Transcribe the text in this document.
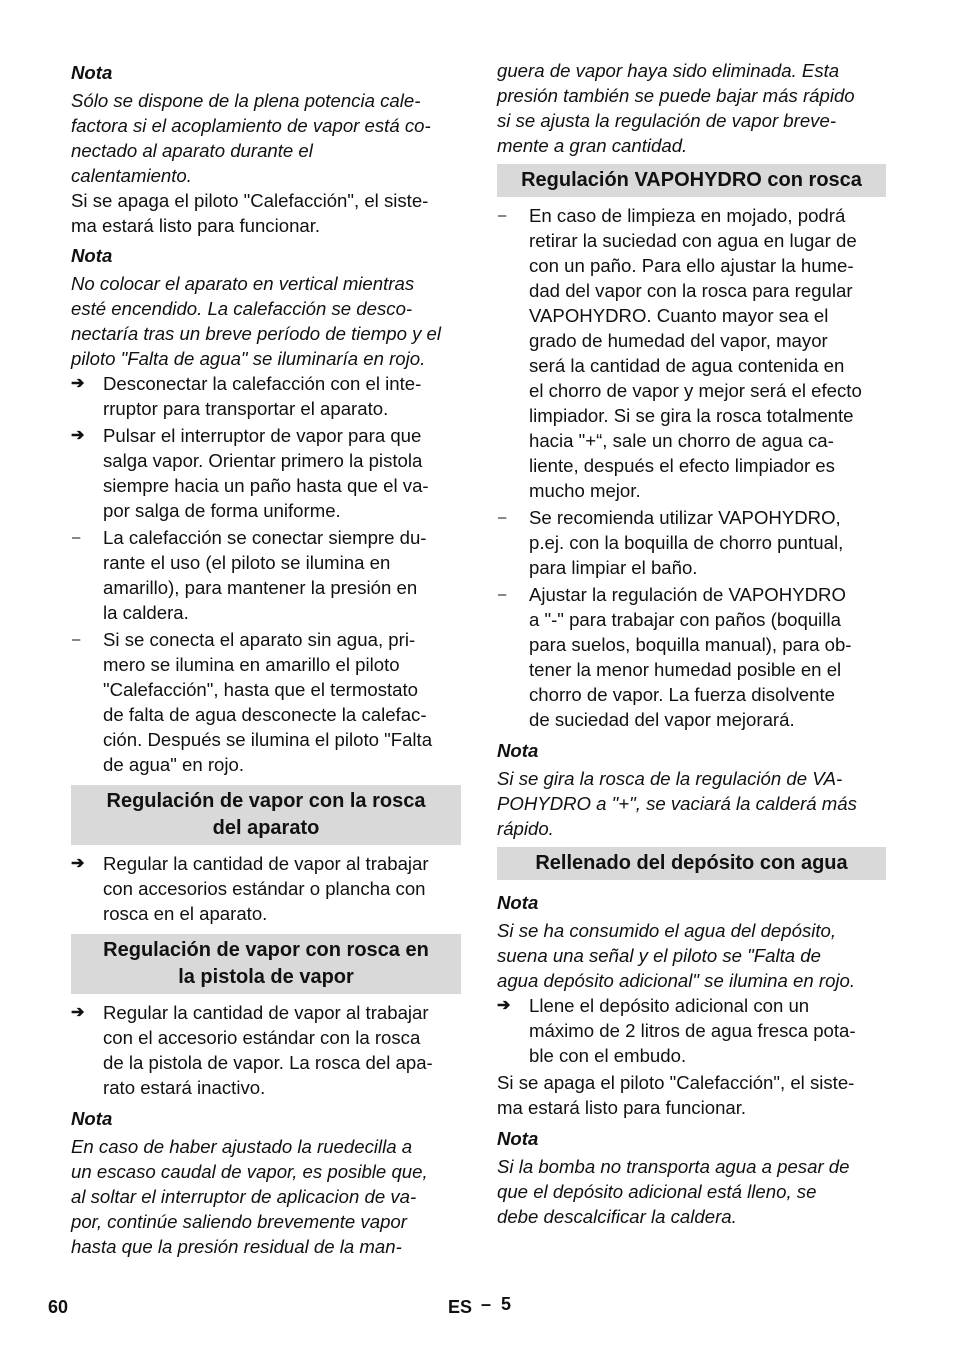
Nota

Sólo se dispone de la plena potencia cale-
factora si el acoplamiento de vapor está co-
nectado al aparato durante el
calentamiento.

Si se apaga el piloto "Calefacción", el siste-
ma estará listo para funcionar.

Nota

No colocar el aparato en vertical mientras
esté encendido. La calefacción se desco-
nectaría tras un breve período de tiempo y el
piloto "Falta de agua" se iluminaría en rojo.

➔ Desconectar la calefacción con el inte-
rruptor para transportar el aparato.

➔ Pulsar el interruptor de vapor para que
salga vapor. Orientar primero la pistola
siempre hacia un paño hasta que el va-
por salga de forma uniforme.

–	La calefacción se conectar siempre du-
rante el uso (el piloto se ilumina en
amarillo), para mantener la presión en
la caldera.

–	Si se conecta el aparato sin agua, pri-
mero se ilumina en amarillo el piloto
"Calefacción", hasta que el termostato
de falta de agua desconecte la calefac-
ción. Después se ilumina el piloto "Falta
de agua" en rojo.

Regulación de vapor con la rosca
del aparato
➔ Regular la cantidad de vapor al trabajar
con accesorios estándar o plancha con
rosca en el aparato.

Regulación de vapor con rosca en
la pistola de vapor
➔ Regular la cantidad de vapor al trabajar
con el accesorio estándar con la rosca
de la pistola de vapor. La rosca del apa-
rato estará inactivo.

Nota

En caso de haber ajustado la ruedecilla a
un escaso caudal de vapor, es posible que,
al soltar el interruptor de aplicacion de va-
por, continúe saliendo brevemente vapor
hasta que la presión residual de la man-

guera de vapor haya sido eliminada. Esta
presión también se puede bajar más rápido
si se ajusta la regulación de vapor breve-
mente a gran cantidad.

Regulación VAPOHYDRO con rosca
–	En caso de limpieza en mojado, podrá
retirar la suciedad con agua en lugar de
con un paño. Para ello ajustar la hume-
dad del vapor con la rosca para regular
VAPOHYDRO. Cuanto mayor sea el
grado de humedad del vapor, mayor
será la cantidad de agua contenida en
el chorro de vapor y mejor será el efecto
limpiador. Si se gira la rosca totalmente
hacia "+“, sale un chorro de agua ca-
liente, después el efecto limpiador es
mucho mejor.

–	Se recomienda utilizar VAPOHYDRO,
p.ej. con la boquilla de chorro puntual,
para limpiar el baño.

–	Ajustar la regulación de VAPOHYDRO
a "-" para trabajar con paños (boquilla
para suelos, boquilla manual), para ob-
tener la menor humedad posible en el
chorro de vapor. La fuerza disolvente
de suciedad del vapor mejorará.

Nota

Si se gira la rosca de la regulación de VA-
POHYDRO a "+", se vaciará la calderá más
rápido.

Rellenado del depósito con agua

Nota

Si se ha consumido el agua del depósito,
suena una señal y el piloto se "Falta de
agua depósito adicional" se ilumina en rojo.

➔ Llene el depósito adicional con un
máximo de 2 litros de agua fresca pota-
ble con el embudo.

Si se apaga el piloto "Calefacción", el siste-
ma estará listo para funcionar.

Nota

Si la bomba no transporta agua a pesar de
que el depósito adicional está lleno, se
debe descalcificar la caldera.

60	ES – 5
